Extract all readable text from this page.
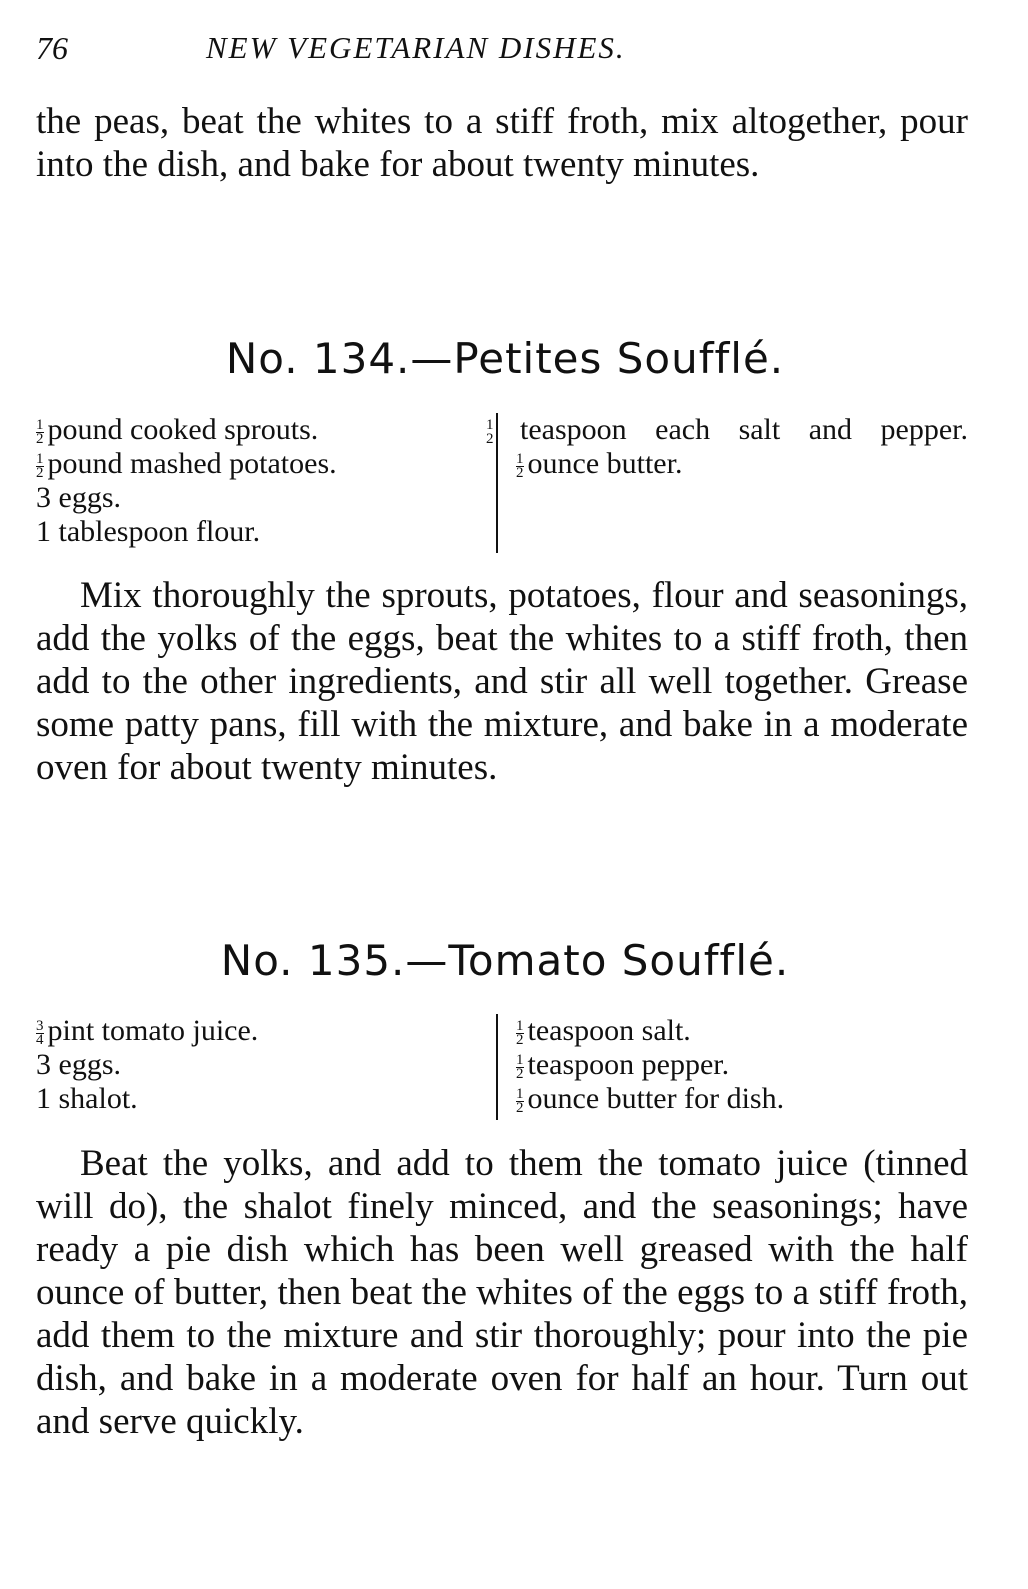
76	NEW VEGETARIAN DISHES.

the peas, beat the whites to a stiff froth, mix altogether, pour into the dish, and bake for about twenty minutes.

No. 134.—Petites Soufflé.
$\frac{1}{2}$ pound cooked sprouts.
$\frac{1}{2}$ pound mashed potatoes.
3 eggs.
1 tablespoon flour.
$\frac{1}{2}$ teaspoon each salt and pepper.
$\frac{1}{2}$ ounce butter.

Mix thoroughly the sprouts, potatoes, flour and seasonings, add the yolks of the eggs, beat the whites to a stiff froth, then add to the other ingredients, and stir all well together. Grease some patty pans, fill with the mixture, and bake in a moderate oven for about twenty minutes.

No. 135.—Tomato Soufflé.
$\frac{3}{4}$ pint tomato juice.
3 eggs.
1 shalot.
$\frac{1}{2}$ teaspoon salt.
$\frac{1}{2}$ teaspoon pepper.
$\frac{1}{2}$ ounce butter for dish.

Beat the yolks, and add to them the tomato juice (tinned will do), the shalot finely minced, and the seasonings; have ready a pie dish which has been well greased with the half ounce of butter, then beat the whites of the eggs to a stiff froth, add them to the mixture and stir thoroughly; pour into the pie dish, and bake in a moderate oven for half an hour. Turn out and serve quickly.
